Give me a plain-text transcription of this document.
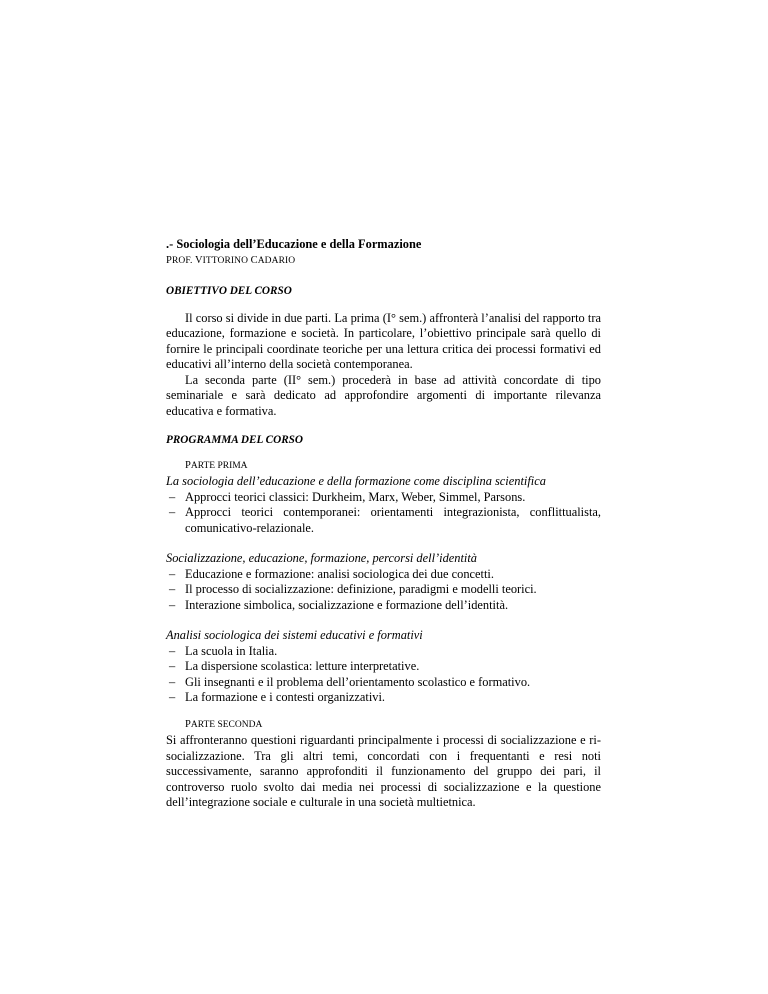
.- Sociologia dell’Educazione e della Formazione

PROF. VITTORINO CADARIO

OBIETTIVO DEL CORSO

Il corso si divide in due parti. La prima (I° sem.) affronterà l’analisi del rapporto tra educazione, formazione e società. In particolare, l’obiettivo principale sarà quello di fornire le principali coordinate teoriche per una lettura critica dei processi formativi ed educativi all’interno della società contemporanea.

La seconda parte (II° sem.) procederà in base ad attività concordate di tipo seminariale e sarà dedicato ad approfondire argomenti di importante rilevanza educativa e formativa.

PROGRAMMA DEL CORSO

PARTE PRIMA

La sociologia dell’educazione e della formazione come disciplina scientifica

– Approcci teorici classici: Durkheim, Marx, Weber, Simmel, Parsons.
– Approcci teorici contemporanei: orientamenti integrazionista, conflittualista, comunicativo-relazionale.

Socializzazione, educazione, formazione, percorsi dell’identità

– Educazione e formazione: analisi sociologica dei due concetti.
– Il processo di socializzazione: definizione, paradigmi e modelli teorici.
– Interazione simbolica, socializzazione e formazione dell’identità.

Analisi sociologica dei sistemi educativi e formativi

– La scuola in Italia.
– La dispersione scolastica: letture interpretative.
– Gli insegnanti e il problema dell’orientamento scolastico e formativo.
– La formazione e i contesti organizzativi.

PARTE SECONDA

Si affronteranno questioni riguardanti principalmente i processi di socializzazione e ri-socializzazione. Tra gli altri temi, concordati con i frequentanti e resi noti successivamente, saranno approfonditi il funzionamento del gruppo dei pari, il controverso ruolo svolto dai media nei processi di socializzazione e la questione dell’integrazione sociale e culturale in una società multietnica.
